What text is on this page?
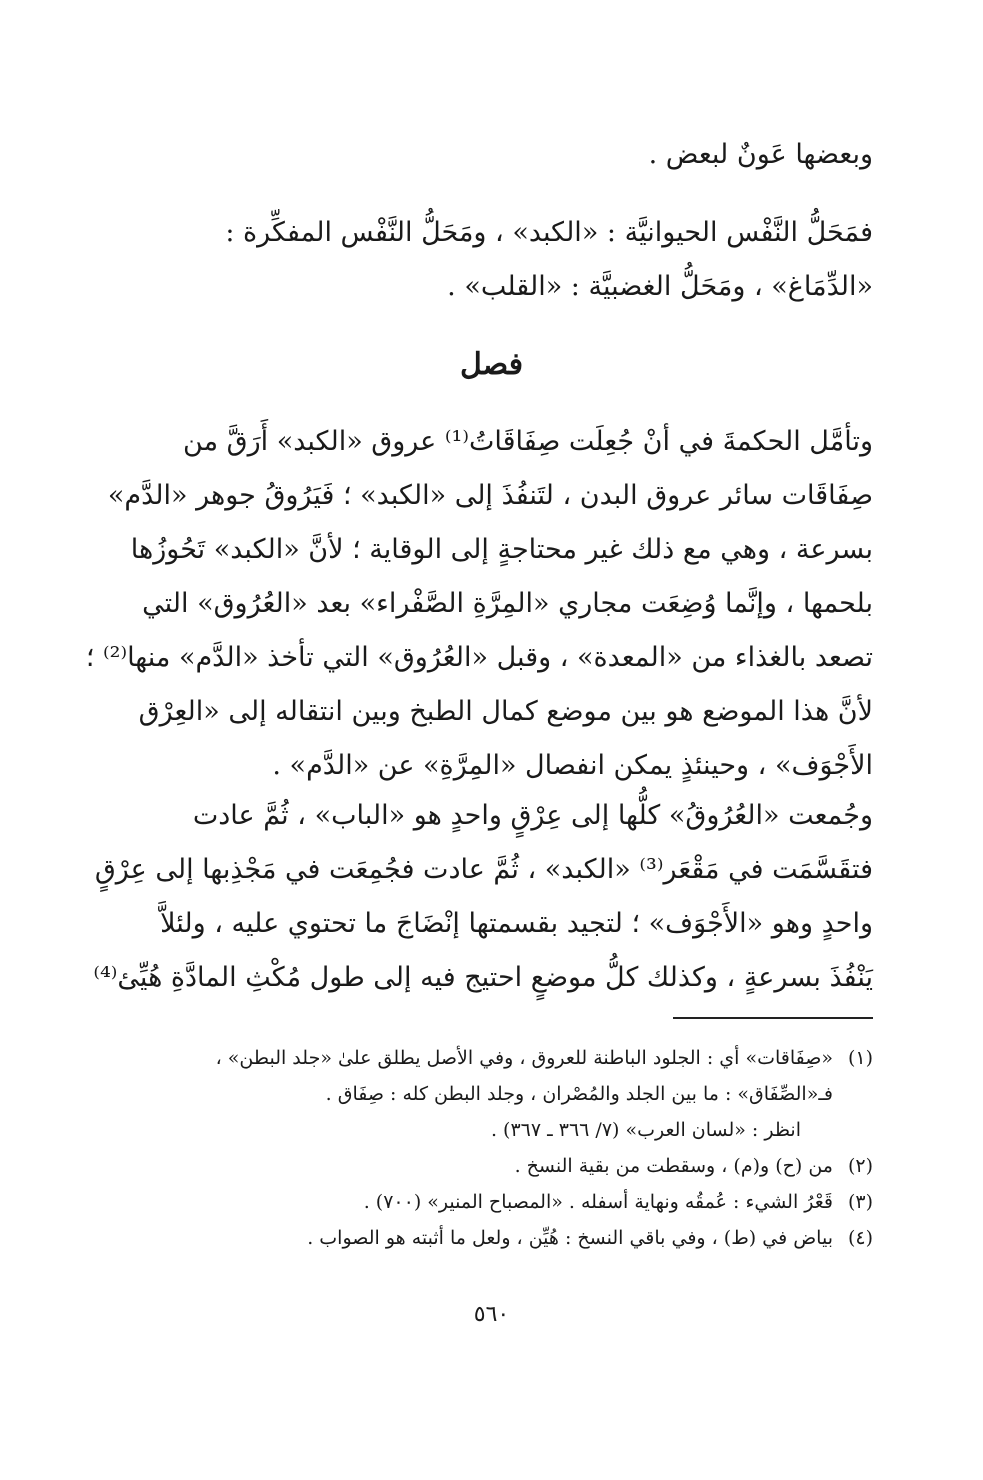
وبعضها عَونٌ لبعض .
فمَحَلُّ النَّفْس الحيوانيَّة : «الكبد» ، ومَحَلُّ النَّفْس المفكِّرة :
«الدِّمَاغ» ، ومَحَلُّ الغضبيَّة : «القلب» .
فصل
وتأمَّل الحكمةَ في أنْ جُعِلَت صِفَاقَاتُ⁽¹⁾ عروق «الكبد» أَرَقَّ من
صِفَاقَات سائر عروق البدن ، لتَنفُذَ إلى «الكبد» ؛ فَيَرُوقُ جوهر «الدَّم»
بسرعة ، وهي مع ذلك غير محتاجةٍ إلى الوقاية ؛ لأنَّ «الكبد» تَحُوزُها
بلحمها ، وإنَّما وُضِعَت مجاري «المِرَّةِ الصَّفْراء» بعد «العُرُوق» التي
تصعد بالغذاء من «المعدة» ، وقبل «العُرُوق» التي تأخذ «الدَّم» منها⁽²⁾ ؛
لأنَّ هذا الموضع هو بين موضع كمال الطبخ وبين انتقاله إلى «العِرْق
الأَجْوَف» ، وحينئذٍ يمكن انفصال «المِرَّةِ» عن «الدَّم» .
وجُمعت «العُرُوقُ» كلُّها إلى عِرْقٍ واحدٍ هو «الباب» ، ثُمَّ عادت
فتقَسَّمَت في مَقْعَر⁽³⁾ «الكبد» ، ثُمَّ عادت فجُمِعَت في مَجْذِبها إلى عِرْقٍ
واحدٍ وهو «الأَجْوَف» ؛ لتجيد بقسمتها إنْضَاجَ ما تحتوي عليه ، ولئلاَّ
يَنْفُذَ بسرعةٍ ، وكذلك كلُّ موضعٍ احتيج فيه إلى طول مُكْثِ المادَّةِ هُيِّئ⁽⁴⁾
(١)
«صِفَاقات» أي : الجلود الباطنة للعروق ، وفي الأصل يطلق علىٰ «جلد البطن» ،
فـ«الصِّفَاق» : ما بين الجلد والمُصْران ، وجلد البطن كله : صِفَاق .
انظر : «لسان العرب» (٧/ ٣٦٦ ـ ٣٦٧) .
(٢)
من (ح) و(م) ، وسقطت من بقية النسخ .
(٣)
قَعْرُ الشيء : عُمقُه ونهاية أسفله . «المصباح المنير» (٧٠٠) .
(٤)
بياض في (ط) ، وفي باقي النسخ : هُيِّن ، ولعل ما أثبته هو الصواب .
٥٦٠
